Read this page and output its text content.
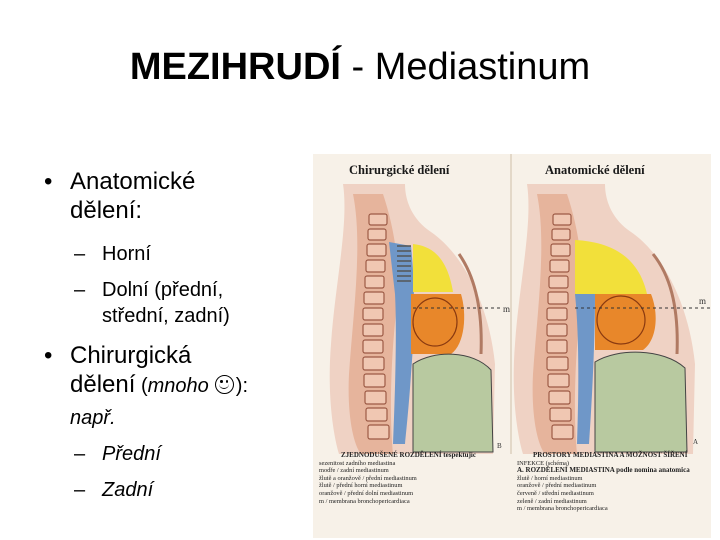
MEZIHRUDÍ - Mediastinum
• Anatomické
dělení:
– Horní
– Dolní (přední,
střední, zadní)
• Chirurgická
dělení (mnoho  ):
např.
– Přední
– Zadní
Chirurgické dělení	Anatomické dělení
m
m
B	A
ZJEDNODUŠENÉ ROZDĚLENÍ tespektujíc
sezenitost zadního mediastina
modře / zadní mediastinum
žlutě a oranžově / přední mediastinum
žlutě / přední horní mediastinum
oranžově / přední dolní mediastinum
m / membrana bronchopericardiaca
PROSTORY MEDIASTINA A MOŽNOST ŠÍŘENÍ
INFEKCE (schéma)
A. ROZDĚLENÍ MEDIASTINA podle nomina anatomica
žlutě / horní mediastinum
oranžově / přední mediastinum
červeně / střední mediastinum
zeleně / zadní mediastinum
m / membrana bronchopericardiaca
